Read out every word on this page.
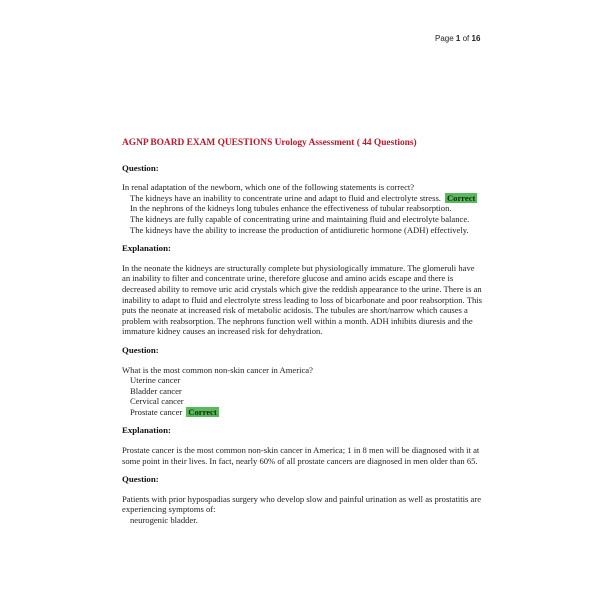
Page 1 of 16
AGNP BOARD EXAM QUESTIONS Urology Assessment ( 44 Questions)
Question:
In renal adaptation of the newborn, which one of the following statements is correct?
The kidneys have an inability to concentrate urine and adapt to fluid and electrolyte stress. Correct
In the nephrons of the kidneys long tubules enhance the effectiveness of tubular reabsorption.
The kidneys are fully capable of concentrating urine and maintaining fluid and electrolyte balance.
The kidneys have the ability to increase the production of antidiuretic hormone (ADH) effectively.
Explanation:
In the neonate the kidneys are structurally complete but physiologically immature. The glomeruli have an inability to filter and concentrate urine, therefore glucose and amino acids escape and there is decreased ability to remove uric acid crystals which give the reddish appearance to the urine. There is an inability to adapt to fluid and electrolyte stress leading to loss of bicarbonate and poor reabsorption. This puts the neonate at increased risk of metabolic acidosis. The tubules are short/narrow which causes a problem with reabsorption. The nephrons function well within a month. ADH inhibits diuresis and the immature kidney causes an increased risk for dehydration.
Question:
What is the most common non-skin cancer in America?
Uterine cancer
Bladder cancer
Cervical cancer
Prostate cancer Correct
Explanation:
Prostate cancer is the most common non-skin cancer in America; 1 in 8 men will be diagnosed with it at some point in their lives. In fact, nearly 60% of all prostate cancers are diagnosed in men older than 65.
Question:
Patients with prior hypospadias surgery who develop slow and painful urination as well as prostatitis are experiencing symptoms of:
neurogenic bladder.
